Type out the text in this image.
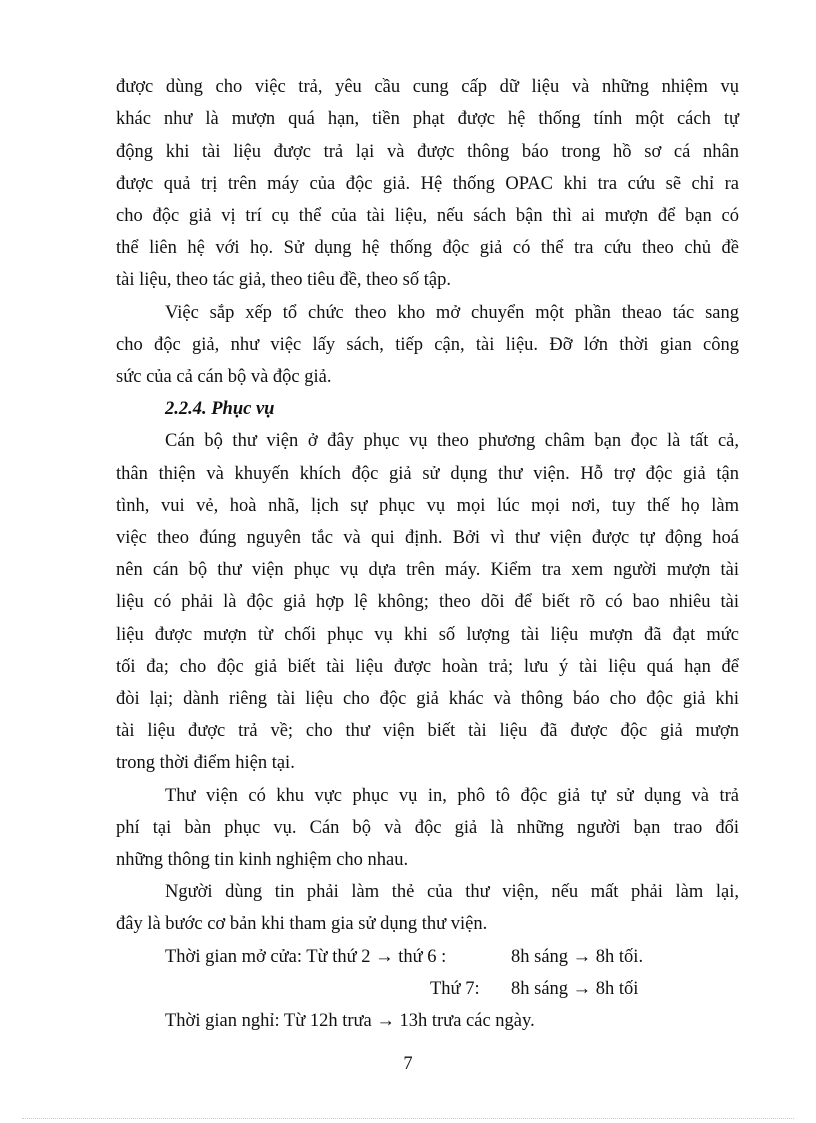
được dùng cho việc trả, yêu cầu cung cấp dữ liệu và những nhiệm vụ
khác như là mượn quá hạn, tiền phạt được hệ thống tính một cách tự
động khi tài liệu được trả lại và được thông báo trong hồ sơ cá nhân
được quả trị trên máy của độc giả. Hệ thống OPAC khi tra cứu sẽ chỉ ra
cho độc giả vị trí cụ thể của tài liệu, nếu sách bận thì ai mượn để bạn có
thể liên hệ với họ. Sử dụng hệ thống độc giả có thể tra cứu theo chủ đề
tài liệu, theo tác giả, theo tiêu đề, theo số tập.
Việc sắp xếp tổ chức theo kho mở chuyển một phần theao tác sang
cho độc giả, như việc lấy sách, tiếp cận, tài liệu. Đỡ lớn thời gian công
sức của cả cán bộ và độc giả.
2.2.4. Phục vụ
Cán bộ thư viện ở đây phục vụ theo phương châm bạn đọc là tất cả,
thân thiện và khuyến khích độc giả sử dụng thư viện. Hỗ trợ độc giả tận
tình, vui vẻ, hoà nhã, lịch sự phục vụ mọi lúc mọi nơi, tuy thế họ làm
việc theo đúng nguyên tắc và qui định. Bởi vì thư viện được tự động hoá
nên cán bộ thư viện phục vụ dựa trên máy. Kiểm tra xem người mượn tài
liệu có phải là độc giả hợp lệ không; theo dõi để biết rõ có bao nhiêu tài
liệu được mượn từ chối phục vụ khi số lượng tài liệu mượn đã đạt mức
tối đa; cho độc giả biết tài liệu được hoàn trả; lưu ý tài liệu quá hạn để
đòi lại; dành riêng tài liệu cho độc giả khác và thông báo cho độc giả khi
tài liệu được trả về; cho thư viện biết tài liệu đã được độc giả mượn
trong thời điểm hiện tại.
Thư viện có khu vực phục vụ in, phô tô độc giả tự sử dụng và trả
phí tại bàn phục vụ. Cán bộ và độc giả là những người bạn trao đổi
những thông tin kinh nghiệm cho nhau.
Người dùng tin phải làm thẻ của thư viện, nếu mất phải làm lại,
đây là bước cơ bản khi tham gia sử dụng thư viện.
Thời gian mở cửa: Từ thứ 2 → thứ 6 :	8h sáng → 8h tối.
Thứ 7: 8h sáng → 8h tối
Thời gian nghỉ: Từ 12h trưa → 13h trưa các ngày.
7
